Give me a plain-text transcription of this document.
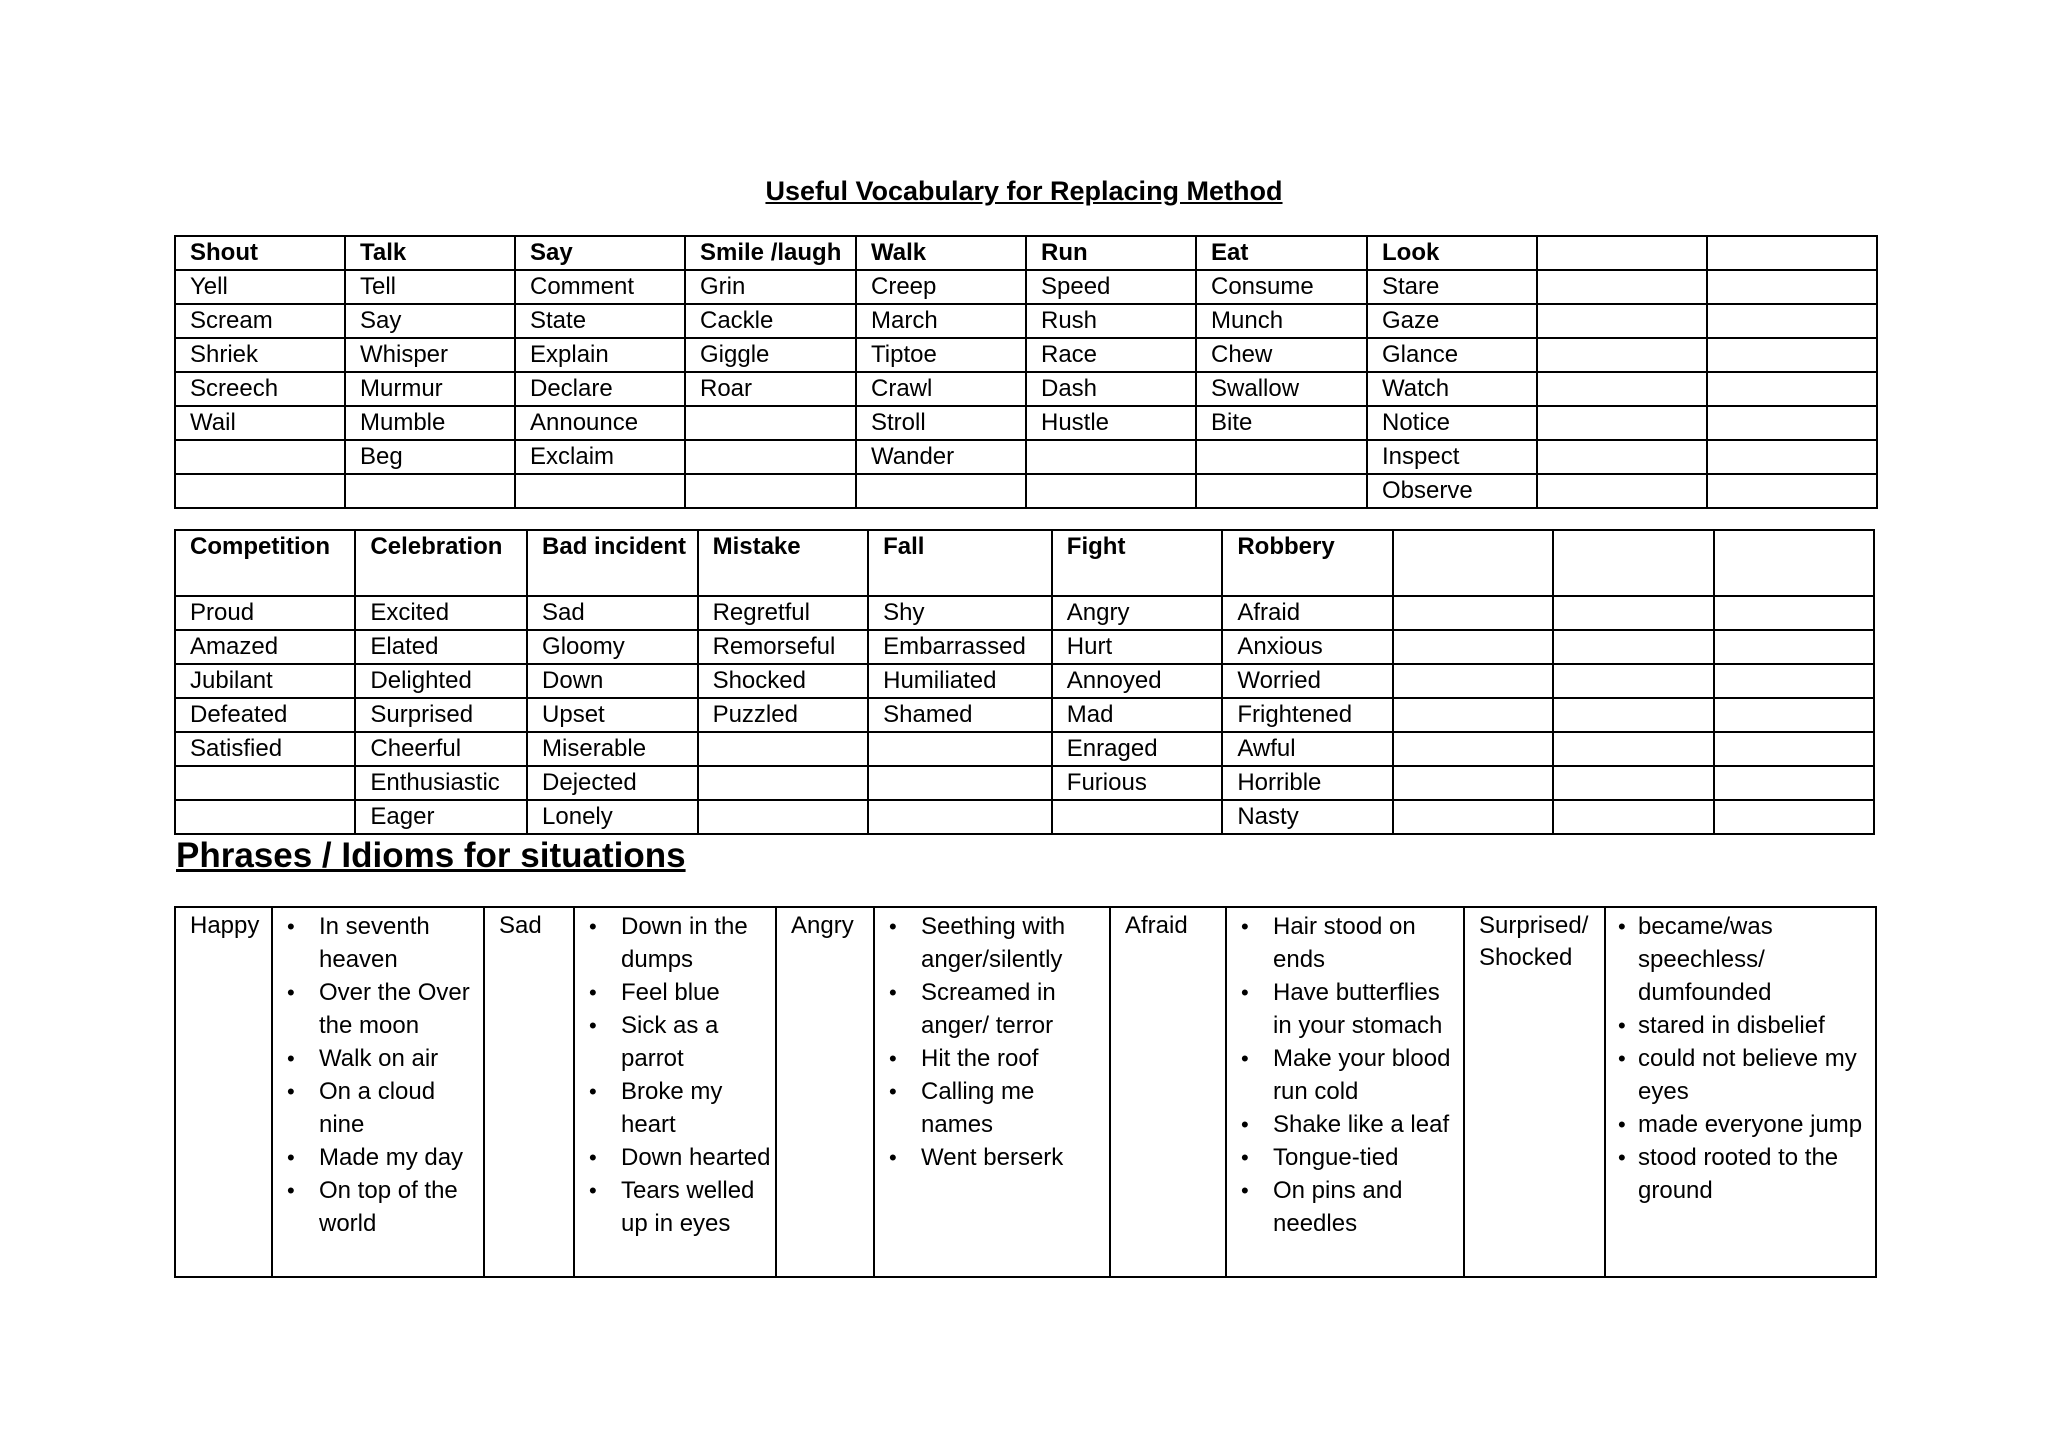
Useful Vocabulary for Replacing Method
Shout	Talk	Say	Smile /laugh	Walk	Run	Eat	Look		
Yell	Tell	Comment	Grin	Creep	Speed	Consume	Stare		
Scream	Say	State	Cackle	March	Rush	Munch	Gaze		
Shriek	Whisper	Explain	Giggle	Tiptoe	Race	Chew	Glance		
Screech	Murmur	Declare	Roar	Crawl	Dash	Swallow	Watch		
Wail	Mumble	Announce		Stroll	Hustle	Bite	Notice		
	Beg	Exclaim		Wander			Inspect		
							Observe		
Competition	Celebration	Bad incident	Mistake	Fall	Fight	Robbery			
Proud	Excited	Sad	Regretful	Shy	Angry	Afraid			
Amazed	Elated	Gloomy	Remorseful	Embarrassed	Hurt	Anxious			
Jubilant	Delighted	Down	Shocked	Humiliated	Annoyed	Worried			
Defeated	Surprised	Upset	Puzzled	Shamed	Mad	Frightened			
Satisfied	Cheerful	Miserable			Enraged	Awful			
	Enthusiastic	Dejected			Furious	Horrible			
	Eager	Lonely				Nasty			
Phrases / Idioms for situations
Happy	
•In seventh heaven
• Over the Over the moon
• Walk on air
• On a cloud nine
• Made my day
• On top of the world
	Sad	
•Down in the dumps
• Feel blue
• Sick as a parrot
• Broke my heart
• Down hearted
• Tears welled up in eyes
	Angry	
•Seething with anger/silently
• Screamed in anger/ terror
• Hit the roof
• Calling me names
• Went berserk
	Afraid	
•Hair stood on ends
• Have butterflies in your stomach
• Make your blood run cold
• Shake like a leaf
• Tongue-tied
• On pins and needles
	Surprised/ Shocked	
• became/was speechless/ dumfounded
• stared in disbelief
• could not believe my eyes
• made everyone jump
• stood rooted to the ground
